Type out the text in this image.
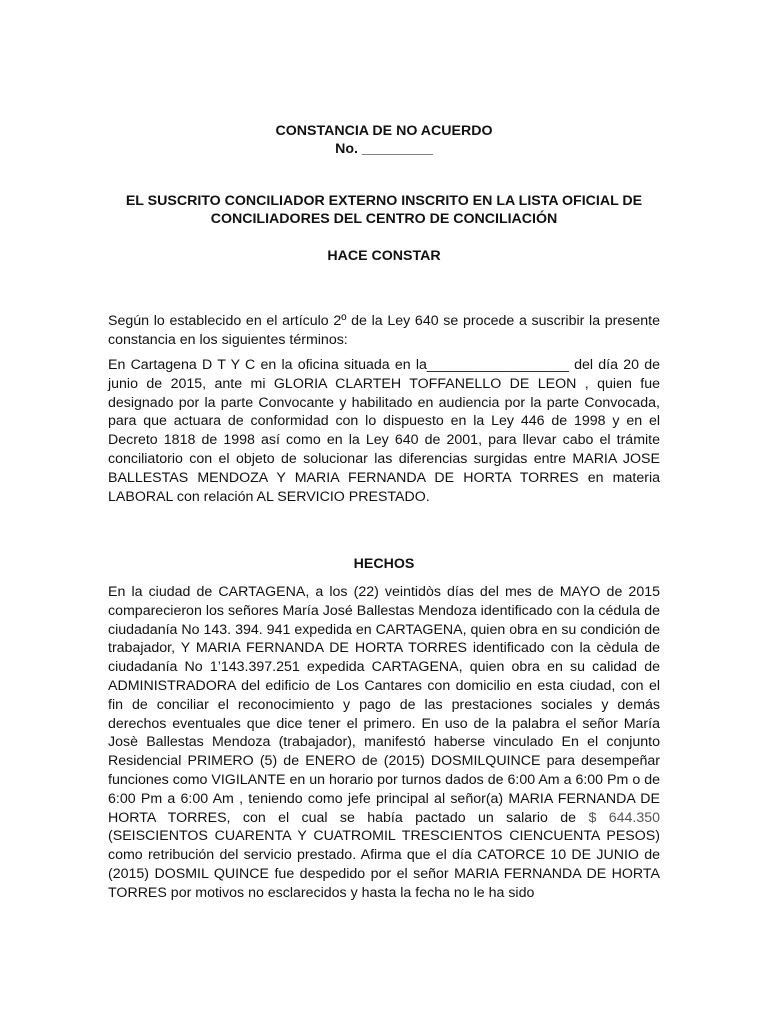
CONSTANCIA DE NO ACUERDO
No. _________
EL SUSCRITO CONCILIADOR EXTERNO INSCRITO EN LA LISTA OFICIAL DE
CONCILIADORES DEL CENTRO DE CONCILIACIÓN
HACE CONSTAR

Según lo establecido en el artículo 2º de la Ley 640 se procede a suscribir la presente constancia en los siguientes términos:

En Cartagena D T Y C en la oficina situada en la__________________ del día 20 de junio de 2015, ante mi GLORIA CLARTEH TOFFANELLO DE LEON , quien fue designado por la parte Convocante y habilitado en audiencia por la parte Convocada, para que actuara de conformidad con lo dispuesto en la Ley 446 de 1998 y en el Decreto 1818 de 1998 así como en la Ley 640 de 2001, para llevar cabo el trámite conciliatorio con el objeto de solucionar las diferencias surgidas entre MARIA JOSE BALLESTAS MENDOZA Y MARIA FERNANDA DE HORTA TORRES en materia LABORAL con relación AL SERVICIO PRESTADO.

HECHOS

En la ciudad de CARTAGENA, a los (22) veintidòs días del mes de MAYO de 2015 comparecieron los señores María José Ballestas Mendoza identificado con la cédula de ciudadanía No 143. 394. 941 expedida en CARTAGENA, quien obra en su condición de trabajador, Y MARIA FERNANDA DE HORTA TORRES identificado con la cèdula de ciudadanía No 1’143.397.251 expedida CARTAGENA, quien obra en su calidad de ADMINISTRADORA del edificio de Los Cantares con domicilio en esta ciudad, con el fin de conciliar el reconocimiento y pago de las prestaciones sociales y demás derechos eventuales que dice tener el primero. En uso de la palabra el señor María Josè Ballestas Mendoza (trabajador), manifestó haberse vinculado En el conjunto Residencial PRIMERO (5) de ENERO de (2015) DOSMILQUINCE para desempeñar funciones como VIGILANTE en un horario por turnos dados de 6:00 Am a 6:00 Pm o de 6:00 Pm a 6:00 Am , teniendo como jefe principal al señor(a) MARIA FERNANDA DE HORTA TORRES, con el cual se había pactado un salario de $ 644.350 (SEISCIENTOS CUARENTA Y CUATROMIL TRESCIENTOS CIENCUENTA PESOS) como retribución del servicio prestado. Afirma que el día CATORCE 10 DE JUNIO de (2015) DOSMIL QUINCE fue despedido por el señor MARIA FERNANDA DE HORTA TORRES por motivos no esclarecidos y hasta la fecha no le ha sido
